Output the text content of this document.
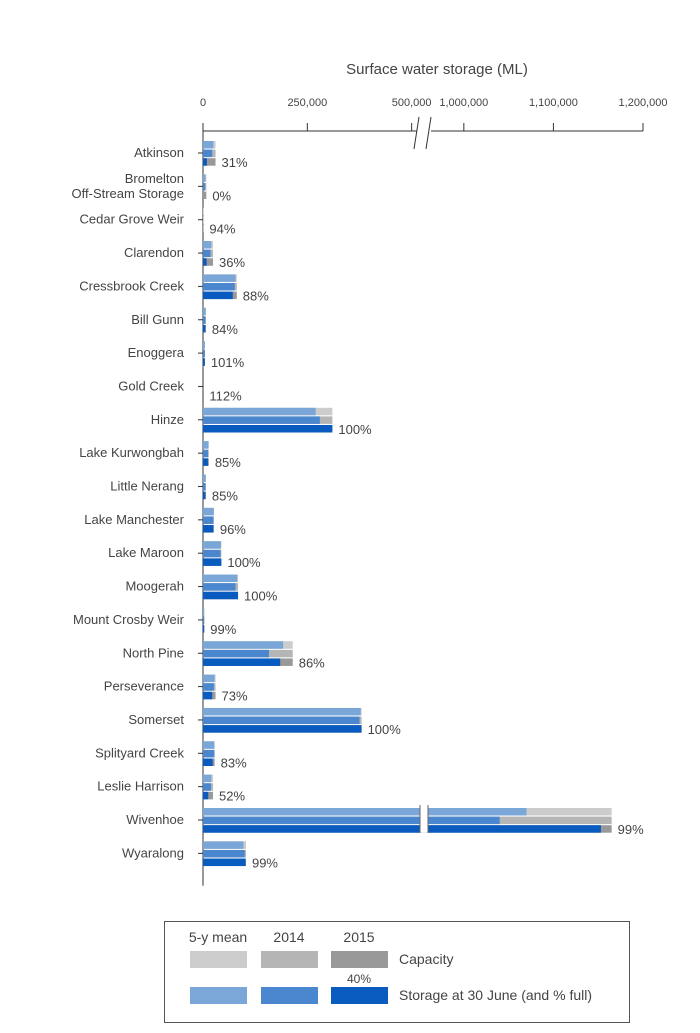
Surface water storage (ML)
0	250,000	500,000 1,000,000	1,100,000	1,200,000
Atkinson
31%
Bromelton
Off-Stream Storage 0%
Cedar Grove Weir
94%
Clarendon
36%
Cressbrook Creek
88%
Bill Gunn
84%
Enoggera
101%
Gold Creek
112%
Hinze
100%
Lake Kurwongbah
85%
Little Nerang
85%
Lake Manchester
96%
Lake Maroon
100%
Moogerah
100%
Mount Crosby Weir
99%
North Pine
86%
Perseverance
73%
Somerset
100%
Splityard Creek
83%
Leslie Harrison
52%
Wivenhoe
99%
Wyaralong
99%
5-y mean 2014	2015
Capacity
Storage at 30 June (and % full)
40%
